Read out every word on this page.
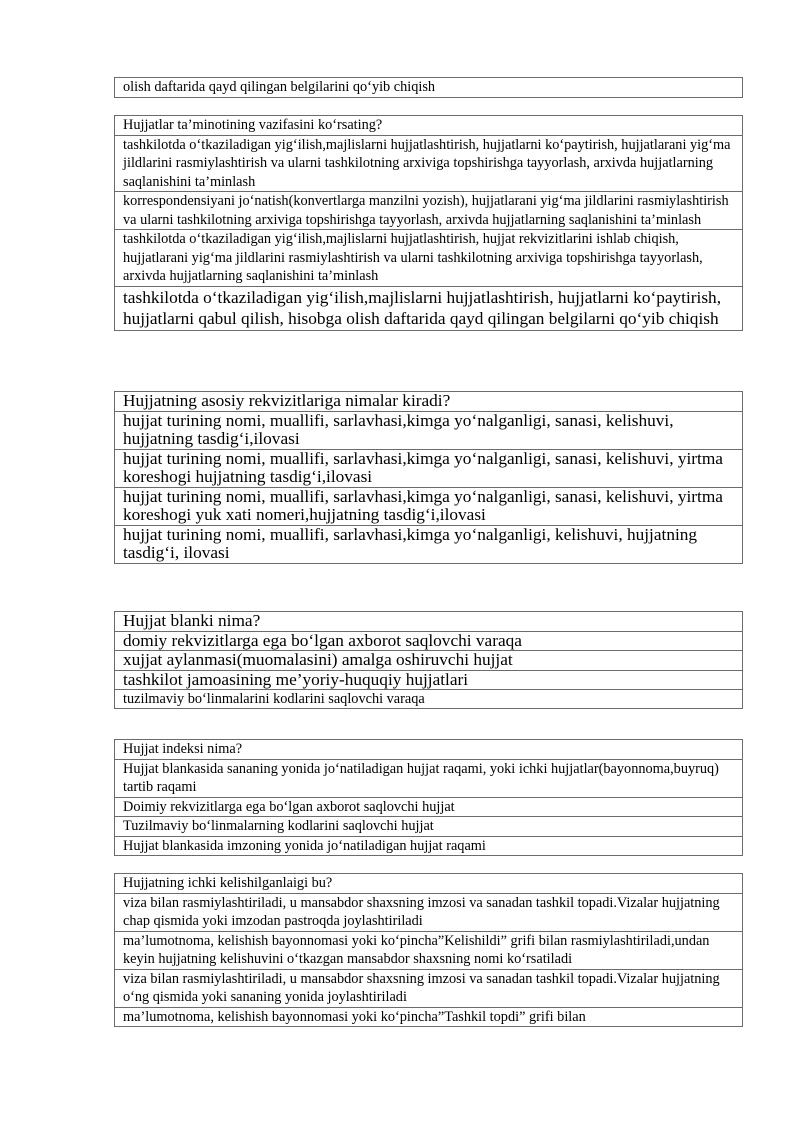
olish daftarida qayd qilingan belgilarini qo‘yib chiqish
Hujjatlar ta’minotining vazifasini ko‘rsating?
tashkilotda o‘tkaziladigan yig‘ilish,majlislarni hujjatlashtirish, hujjatlarni ko‘paytirish, hujjatlarani yig‘ma jildlarini rasmiylashtirish va ularni tashkilotning arxiviga topshirishga tayyorlash, arxivda hujjatlarning saqlanishini ta’minlash
korrespondensiyani jo‘natish(konvertlarga manzilni yozish), hujjatlarani yig‘ma jildlarini rasmiylashtirish va ularni tashkilotning arxiviga topshirishga tayyorlash, arxivda hujjatlarning saqlanishini ta’minlash
tashkilotda o‘tkaziladigan yig‘ilish,majlislarni hujjatlashtirish, hujjat rekvizitlarini ishlab chiqish, hujjatlarani yig‘ma jildlarini rasmiylashtirish va ularni tashkilotning arxiviga topshirishga tayyorlash, arxivda hujjatlarning saqlanishini ta’minlash
tashkilotda o‘tkaziladigan yig‘ilish,majlislarni hujjatlashtirish, hujjatlarni ko‘paytirish, hujjatlarni qabul qilish, hisobga olish daftarida qayd qilingan belgilarni qo‘yib chiqish
Hujjatning asosiy rekvizitlariga nimalar kiradi?
hujjat turining nomi, muallifi, sarlavhasi,kimga yo‘nalganligi, sanasi, kelishuvi, hujjatning tasdig‘i,ilovasi
hujjat turining nomi, muallifi, sarlavhasi,kimga yo‘nalganligi, sanasi, kelishuvi, yirtma koreshogi hujjatning tasdig‘i,ilovasi
hujjat turining nomi, muallifi, sarlavhasi,kimga yo‘nalganligi, sanasi, kelishuvi, yirtma koreshogi yuk xati nomeri,hujjatning tasdig‘i,ilovasi
hujjat turining nomi, muallifi, sarlavhasi,kimga yo‘nalganligi, kelishuvi, hujjatning tasdig‘i, ilovasi
Hujjat blanki nima?
domiy rekvizitlarga ega bo‘lgan axborot saqlovchi varaqa
xujjat aylanmasi(muomalasini) amalga oshiruvchi hujjat
tashkilot jamoasining me’yoriy-huquqiy hujjatlari
tuzilmaviy bo‘linmalarini kodlarini saqlovchi varaqa
Hujjat indeksi nima?
Hujjat blankasida sananing yonida jo‘natiladigan hujjat raqami, yoki ichki hujjatlar(bayonnoma,buyruq) tartib raqami
Doimiy rekvizitlarga ega bo‘lgan axborot saqlovchi hujjat
Tuzilmaviy bo‘linmalarning kodlarini saqlovchi hujjat
Hujjat blankasida imzoning yonida jo‘natiladigan hujjat raqami
Hujjatning ichki kelishilganlaigi bu?
viza bilan rasmiylashtiriladi, u mansabdor shaxsning imzosi va sanadan tashkil topadi.Vizalar hujjatning chap qismida yoki imzodan pastroqda joylashtiriladi
ma’lumotnoma, kelishish bayonnomasi yoki ko‘pincha”Kelishildi” grifi bilan rasmiylashtiriladi,undan keyin hujjatning kelishuvini o‘tkazgan mansabdor shaxsning nomi ko‘rsatiladi
viza bilan rasmiylashtiriladi, u mansabdor shaxsning imzosi va sanadan tashkil topadi.Vizalar hujjatning o‘ng qismida yoki sananing yonida joylashtiriladi
ma’lumotnoma, kelishish bayonnomasi yoki ko‘pincha”Tashkil topdi” grifi bilan
